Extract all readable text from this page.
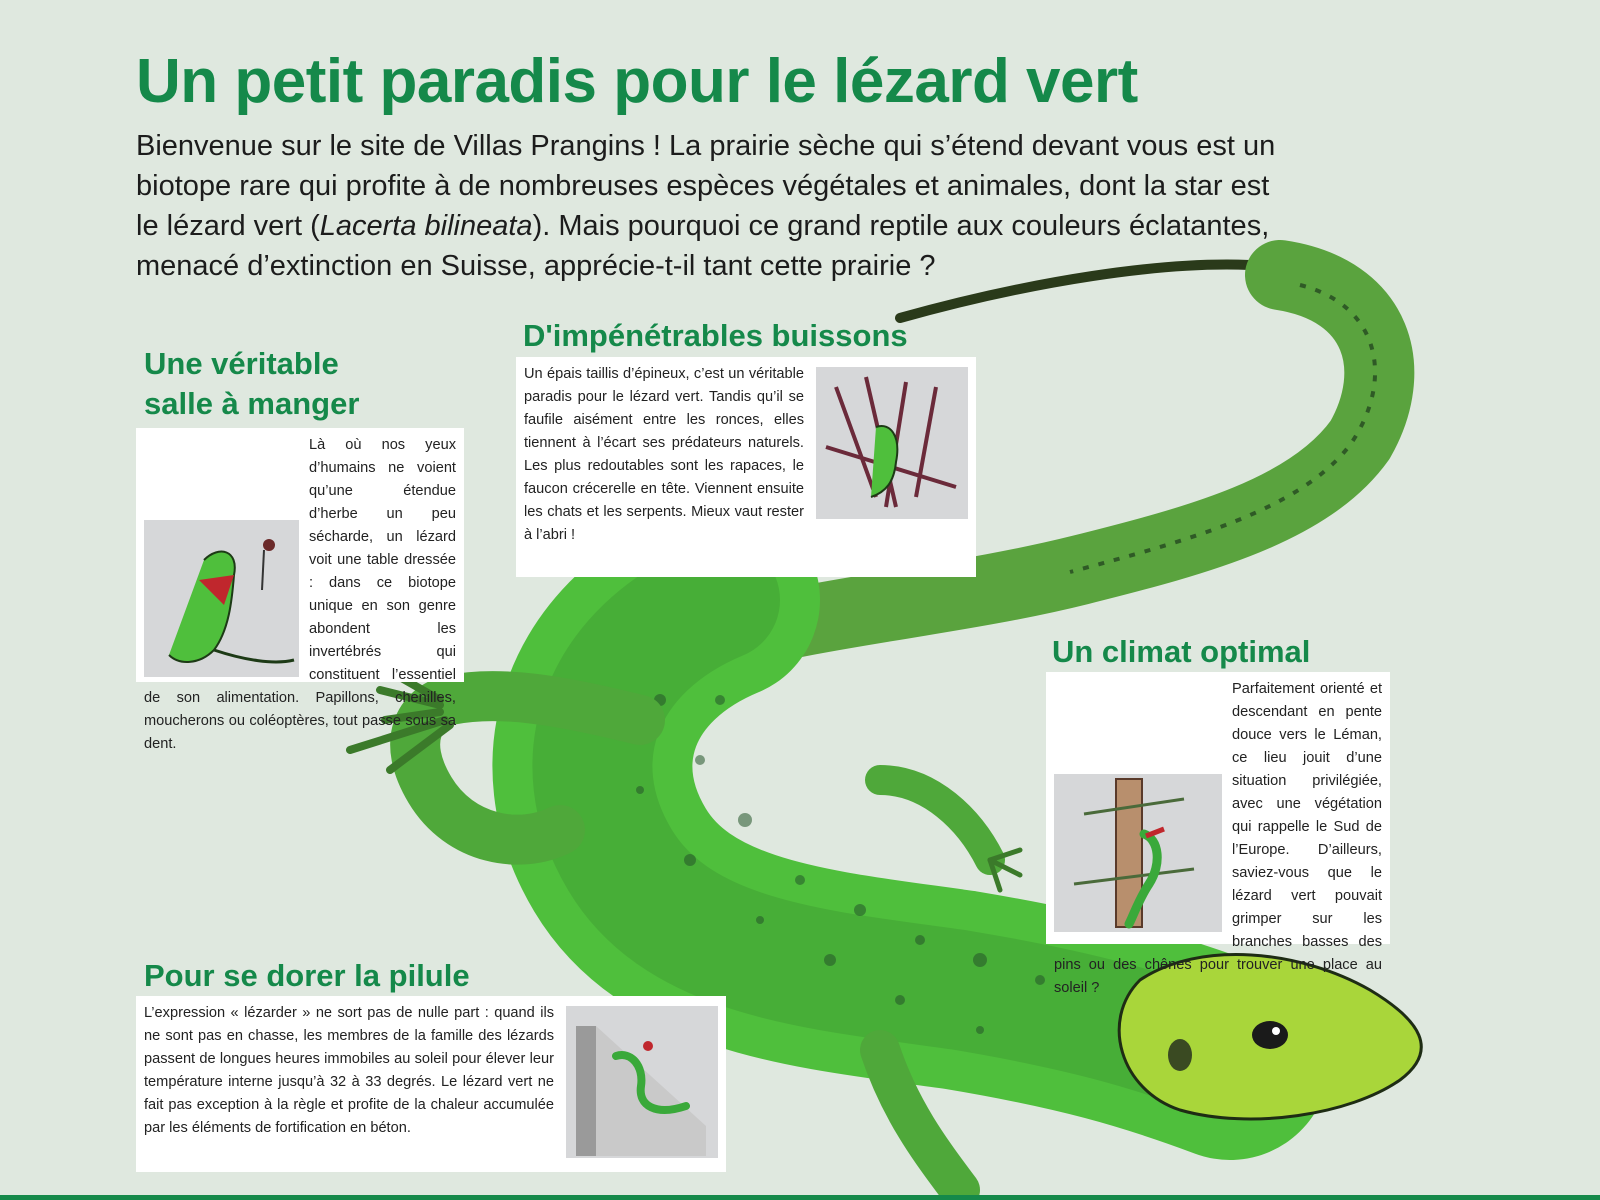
Un petit paradis pour le lézard vert

Bienvenue sur le site de Villas Prangins ! La prairie sèche qui s’étend devant vous est un
biotope rare qui profite à de nombreuses espèces végétales et animales, dont la star est
le lézard vert (Lacerta bilineata). Mais pourquoi ce grand reptile aux couleurs éclatantes,
menacé d’extinction en Suisse, apprécie-t-il tant cette prairie ?

Une véritable
salle à manger

Là où nos yeux d’humains ne voient qu’une étendue d’herbe un peu sécharde, un lézard voit une table dressée : dans ce biotope unique en son genre abondent les invertébrés qui constituent l’essentiel de son alimentation. Papillons, chenilles, moucherons ou coléoptères, tout passe sous sa dent.

D'impénétrables buissons

Un épais taillis d’épineux, c’est un véritable paradis pour le lézard vert. Tandis qu’il se faufile aisément entre les ronces, elles tiennent à l’écart ses prédateurs naturels. Les plus redoutables sont les rapaces, le faucon crécerelle en tête. Viennent ensuite les chats et les serpents. Mieux vaut rester à l’abri !

Un climat optimal

Parfaitement orienté et descendant en pente douce vers le Léman, ce lieu jouit d’une situation privilégiée, avec une végétation qui rappelle le Sud de l’Europe. D’ailleurs, saviez-vous que le lézard vert pouvait grimper sur les branches basses des pins ou des chênes pour trouver une place au soleil ?

Pour se dorer la pilule

L’expression « lézarder » ne sort pas de nulle part : quand ils ne sont pas en chasse, les membres de la famille des lézards passent de longues heures immobiles au soleil pour élever leur température interne jusqu’à 32 à 33 degrés. Le lézard vert ne fait pas exception à la règle et profite de la chaleur accumulée par les éléments de fortification en béton.
